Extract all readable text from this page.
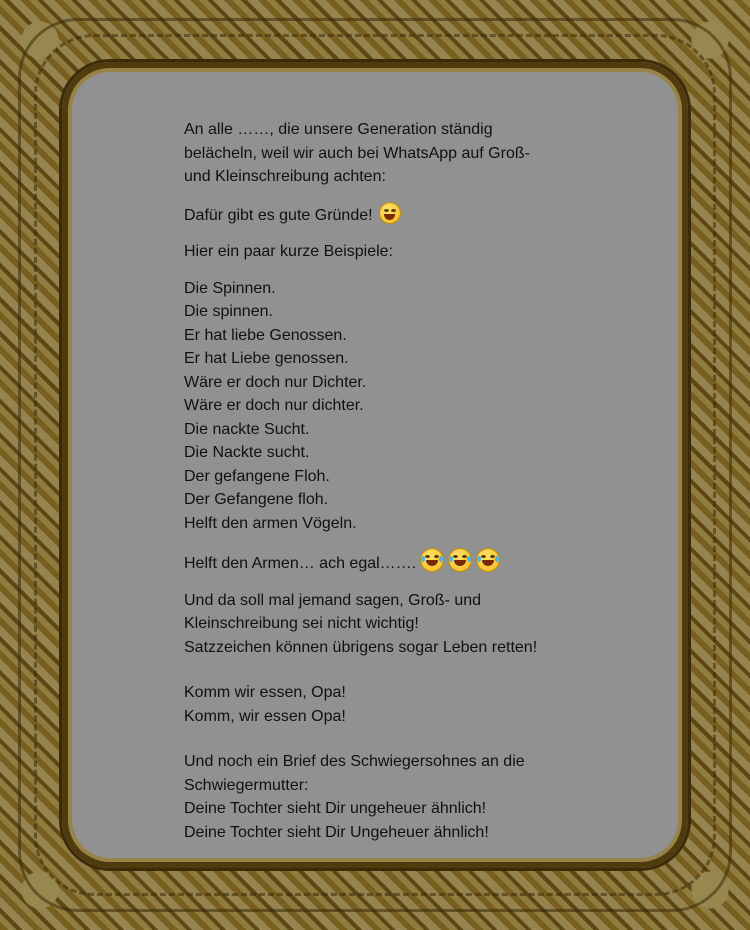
An alle ……, die unsere Generation ständig
belächeln, weil wir auch bei WhatsApp auf Groß-
und Kleinschreibung achten:

Dafür gibt es gute Gründe!

Hier ein paar kurze Beispiele:

Die Spinnen.
Die spinnen.
Er hat liebe Genossen.
Er hat Liebe genossen.
Wäre er doch nur Dichter.
Wäre er doch nur dichter.
Die nackte Sucht.
Die Nackte sucht.
Der gefangene Floh.
Der Gefangene floh.
Helft den armen Vögeln.

Helft den Armen… ach egal…….

Und da soll mal jemand sagen, Groß- und
Kleinschreibung sei nicht wichtig!
Satzzeichen können übrigens sogar Leben retten!

Komm wir essen, Opa!
Komm, wir essen Opa!

Und noch ein Brief des Schwiegersohnes an die
Schwiegermutter:
Deine Tochter sieht Dir ungeheuer ähnlich!
Deine Tochter sieht Dir Ungeheuer ähnlich!
